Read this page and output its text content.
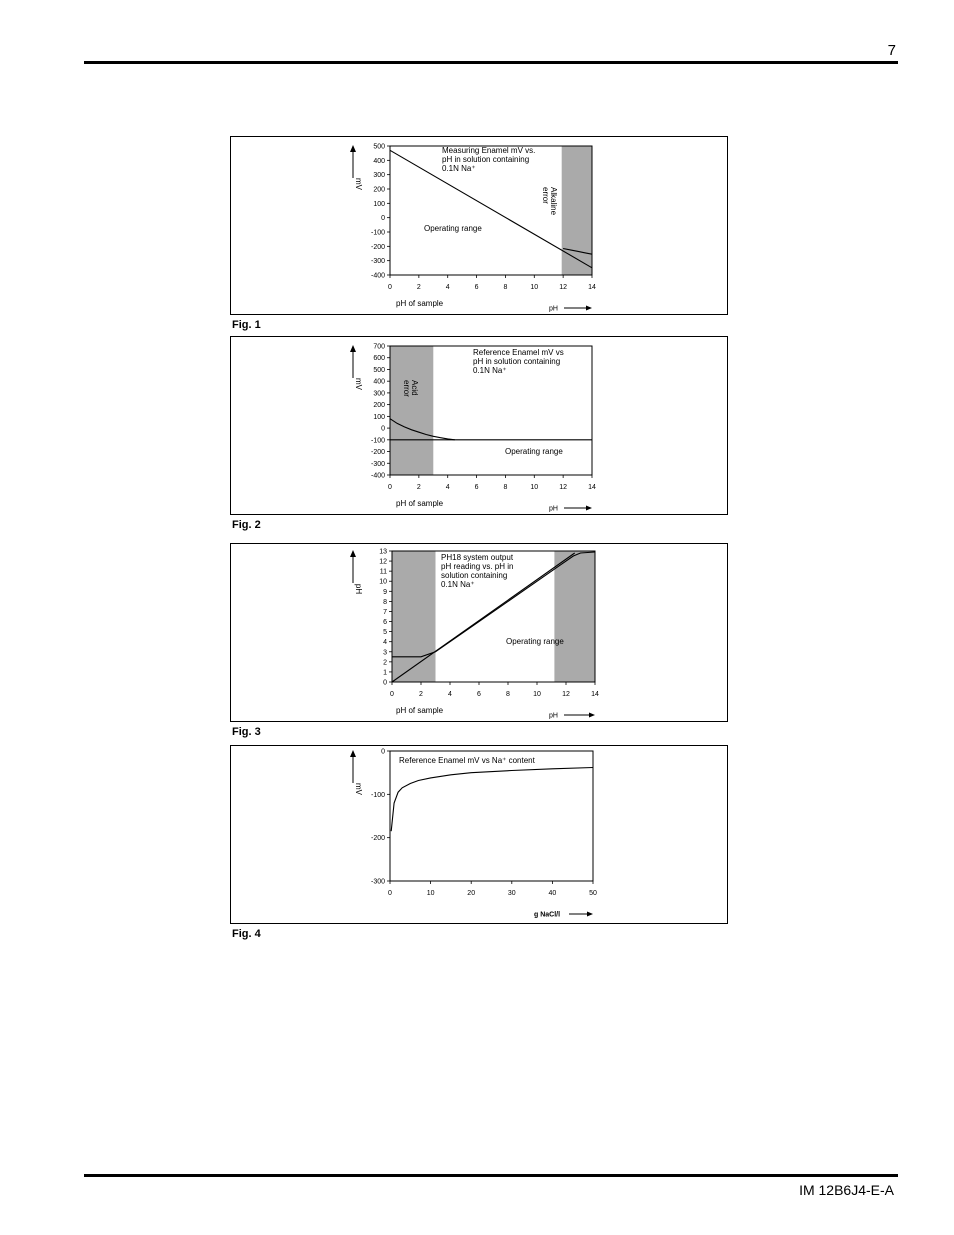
7
500
400
300
200
100
0
-100
-200
-300
-400
0	2	4	6	8	10	12	14
mV
Measuring Enamel mV vs.
pH in solution containing
0.1N Na⁺
Operating range
Alkaline
error
pH of sample
pH
Fig. 1
700
600
500
400
300
200
100
0
-100
-200
-300
-400
0	2	4	6	8	10	12	14
mV
Reference Enamel mV vs
pH in solution containing
0.1N Na⁺
Operating range
Acid
error
pH of sample
pH
Fig. 2
13
12
11
10
9
8
7
6
5
4
3
2
1
0
0	2	4	6	8	10	12	14
pH
PH18 system output
pH reading vs. pH in
solution containing
0.1N Na⁺
Operating range
pH of sample
pH
Fig. 3
0
-100
-200
-300
0	10	20	30	40	50
mV
Reference Enamel mV vs Na⁺ content
g NaCl/l
Fig. 4
IM 12B6J4-E-A
